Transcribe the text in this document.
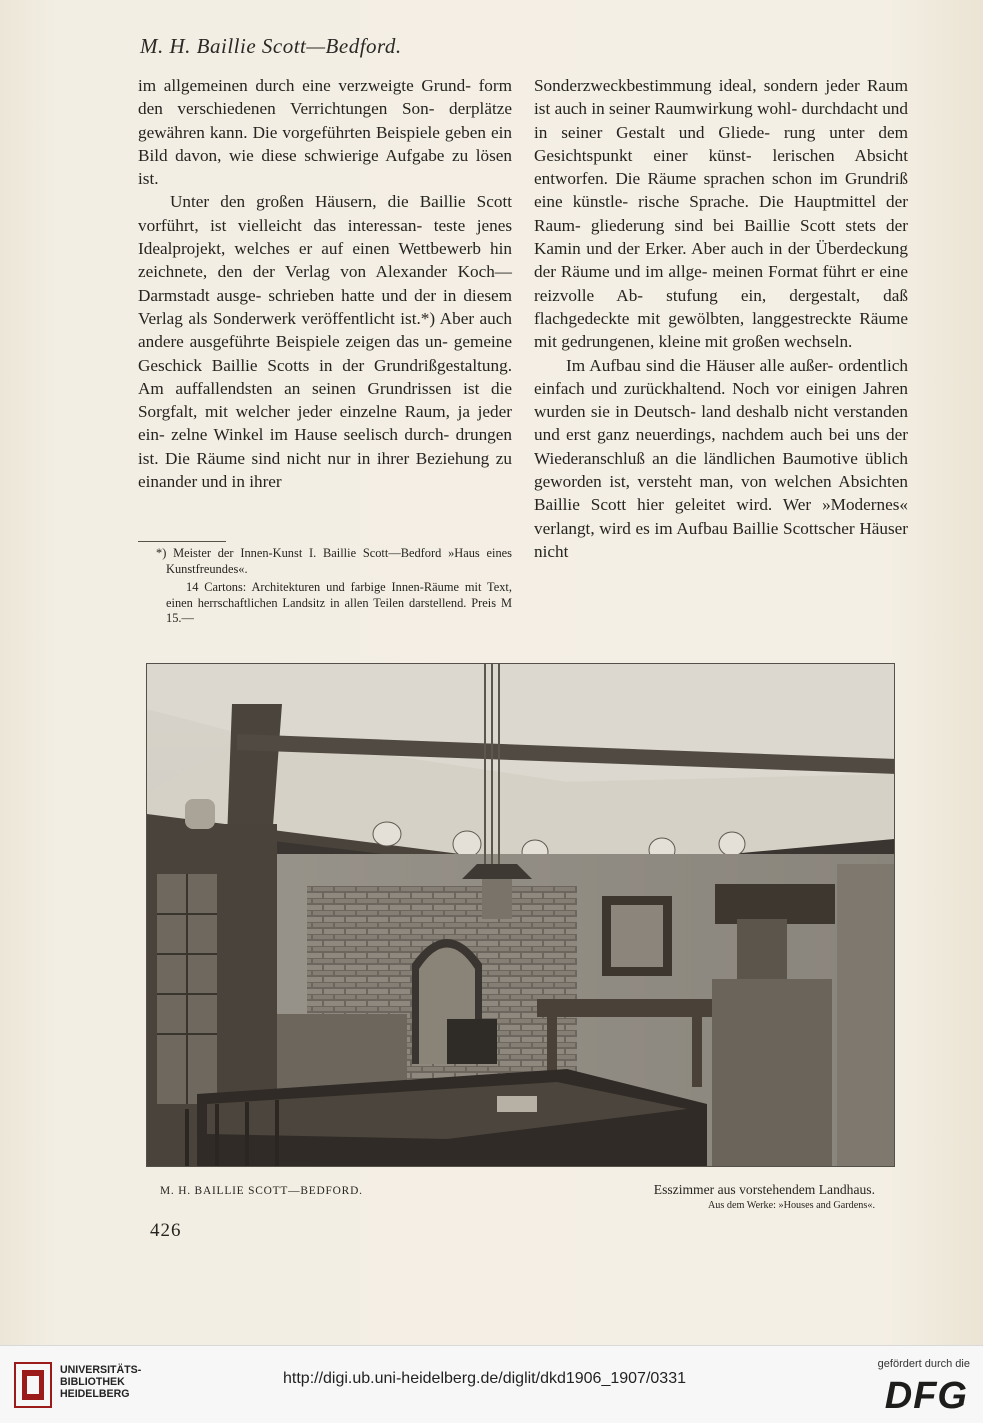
M. H. Baillie Scott—Bedford.

im allgemeinen durch eine verzweigte Grund- form den verschiedenen Verrichtungen Son- derplätze gewähren kann. Die vorgeführten Beispiele geben ein Bild davon, wie diese schwierige Aufgabe zu lösen ist.

Unter den großen Häusern, die Baillie Scott vorführt, ist vielleicht das interessan- teste jenes Idealprojekt, welches er auf einen Wettbewerb hin zeichnete, den der Verlag von Alexander Koch—Darmstadt ausge- schrieben hatte und der in diesem Verlag als Sonderwerk veröffentlicht ist.*) Aber auch andere ausgeführte Beispiele zeigen das un- gemeine Geschick Baillie Scotts in der Grundrißgestaltung. Am auffallendsten an seinen Grundrissen ist die Sorgfalt, mit welcher jeder einzelne Raum, ja jeder ein- zelne Winkel im Hause seelisch durch- drungen ist. Die Räume sind nicht nur in ihrer Beziehung zu einander und in ihrer

*) Meister der Innen-Kunst I. Baillie Scott—Bedford »Haus eines Kunstfreundes«.

14 Cartons: Architekturen und farbige Innen-Räume mit Text, einen herrschaftlichen Landsitz in allen Teilen darstellend. Preis M 15.—

Sonderzweckbestimmung ideal, sondern jeder Raum ist auch in seiner Raumwirkung wohl- durchdacht und in seiner Gestalt und Gliede- rung unter dem Gesichtspunkt einer künst- lerischen Absicht entworfen. Die Räume sprachen schon im Grundriß eine künstle- rische Sprache. Die Hauptmittel der Raum- gliederung sind bei Baillie Scott stets der Kamin und der Erker. Aber auch in der Überdeckung der Räume und im allge- meinen Format führt er eine reizvolle Ab- stufung ein, dergestalt, daß flachgedeckte mit gewölbten, langgestreckte Räume mit gedrungenen, kleine mit großen wechseln.

Im Aufbau sind die Häuser alle außer- ordentlich einfach und zurückhaltend. Noch vor einigen Jahren wurden sie in Deutsch- land deshalb nicht verstanden und erst ganz neuerdings, nachdem auch bei uns der Wiederanschluß an die ländlichen Baumotive üblich geworden ist, versteht man, von welchen Absichten Baillie Scott hier geleitet wird. Wer »Modernes« verlangt, wird es im Aufbau Baillie Scottscher Häuser nicht

M. H. BAILLIE SCOTT—BEDFORD.	Esszimmer aus vorstehendem Landhaus.
Aus dem Werke: »Houses and Gardens«.
426
UNIVERSITÄTS-
BIBLIOTHEK
HEIDELBERG
http://digi.ub.uni-heidelberg.de/diglit/dkd1906_1907/0331
gefördert durch die
DFG
